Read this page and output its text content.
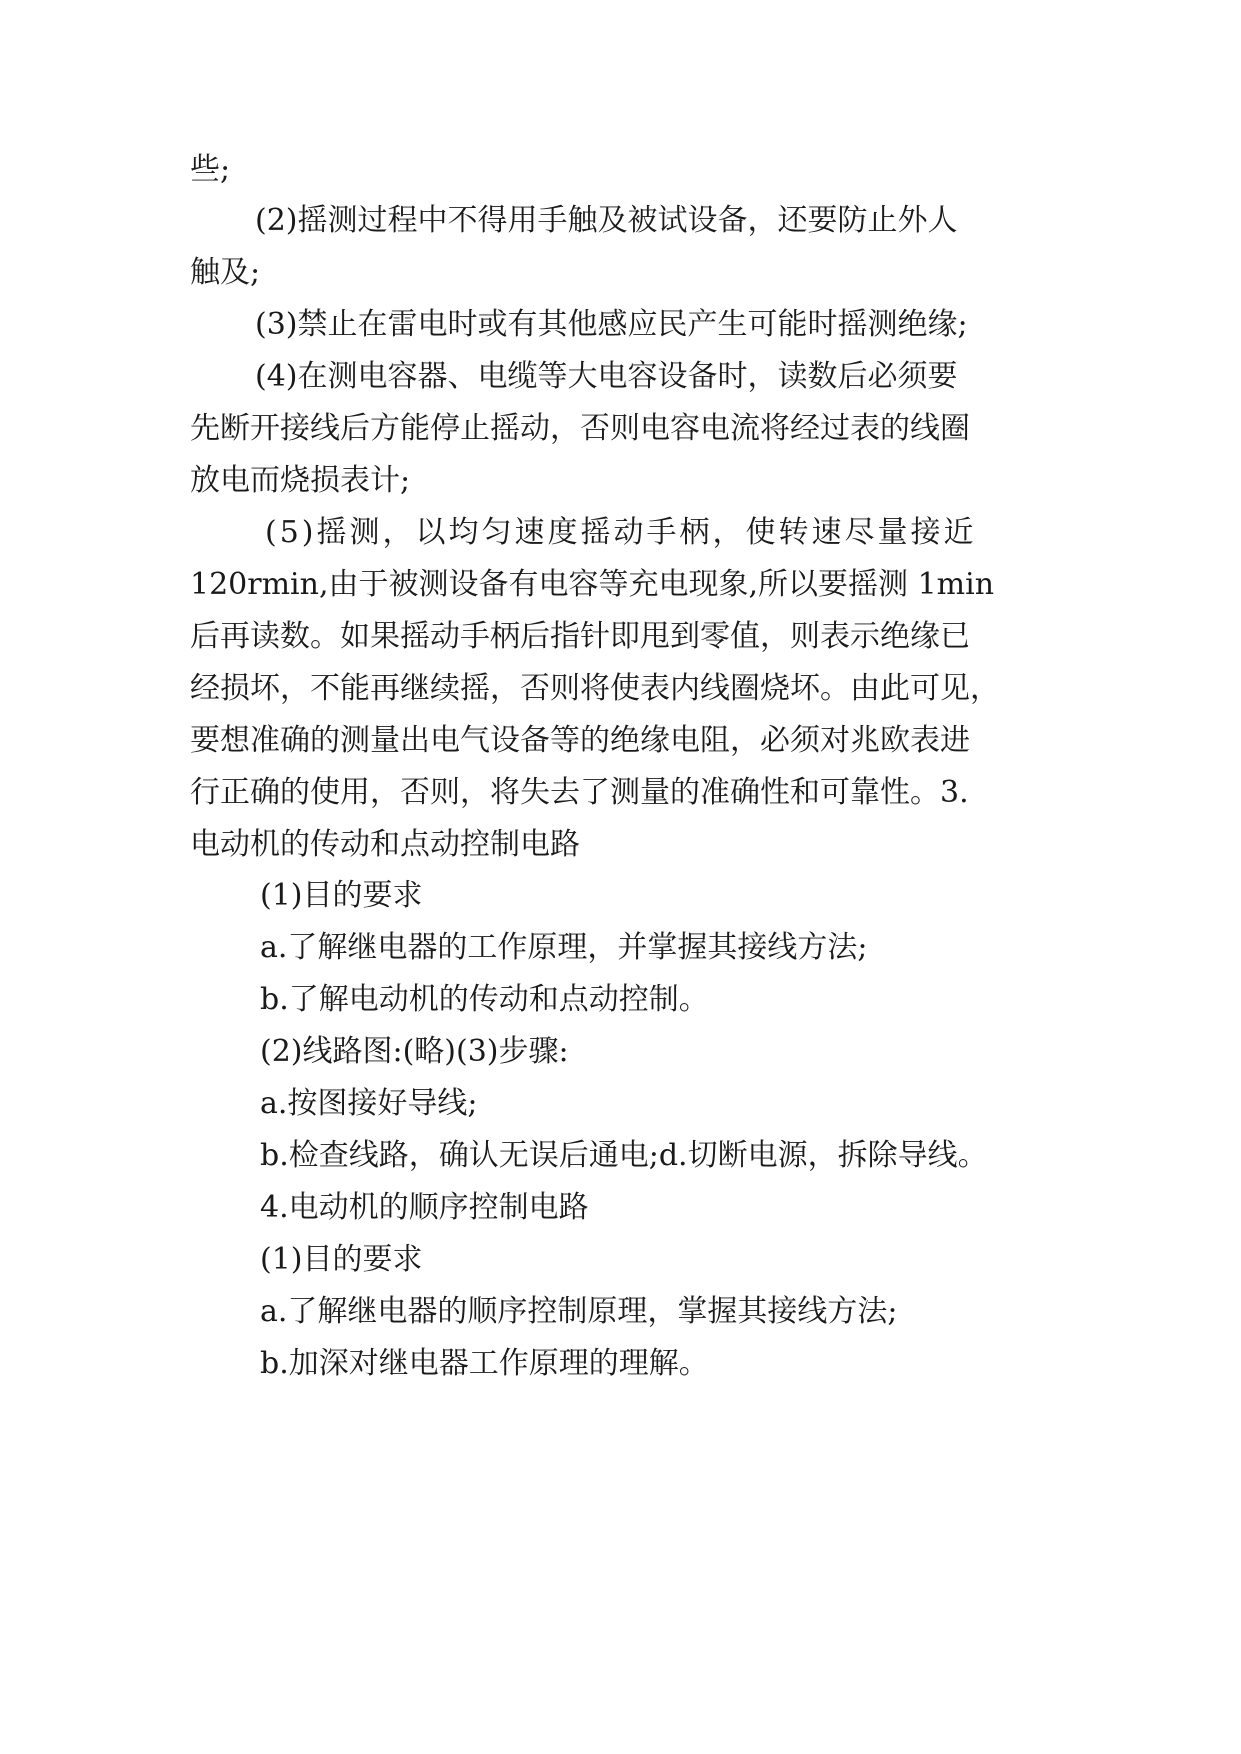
些;
(2)摇测过程中不得用手触及被试设备，还要防止外人
触及;
(3)禁止在雷电时或有其他感应民产生可能时摇测绝缘;
(4)在测电容器、电缆等大电容设备时，读数后必须要
先断开接线后方能停止摇动，否则电容电流将经过表的线圈
放电而烧损表计;
(5)摇测，以均匀速度摇动手柄，使转速尽量接近
120rmin,由于被测设备有电容等充电现象,所以要摇测 1min
后再读数。如果摇动手柄后指针即甩到零值，则表示绝缘已
经损坏，不能再继续摇，否则将使表内线圈烧坏。由此可见，
要想准确的测量出电气设备等的绝缘电阻，必须对兆欧表进
行正确的使用，否则，将失去了测量的准确性和可靠性。3.
电动机的传动和点动控制电路
(1)目的要求
a.了解继电器的工作原理，并掌握其接线方法;
b.了解电动机的传动和点动控制。
(2)线路图:(略)(3)步骤:
a.按图接好导线;
b.检查线路，确认无误后通电;d.切断电源，拆除导线。
4.电动机的顺序控制电路
(1)目的要求
a.了解继电器的顺序控制原理，掌握其接线方法;
b.加深对继电器工作原理的理解。
